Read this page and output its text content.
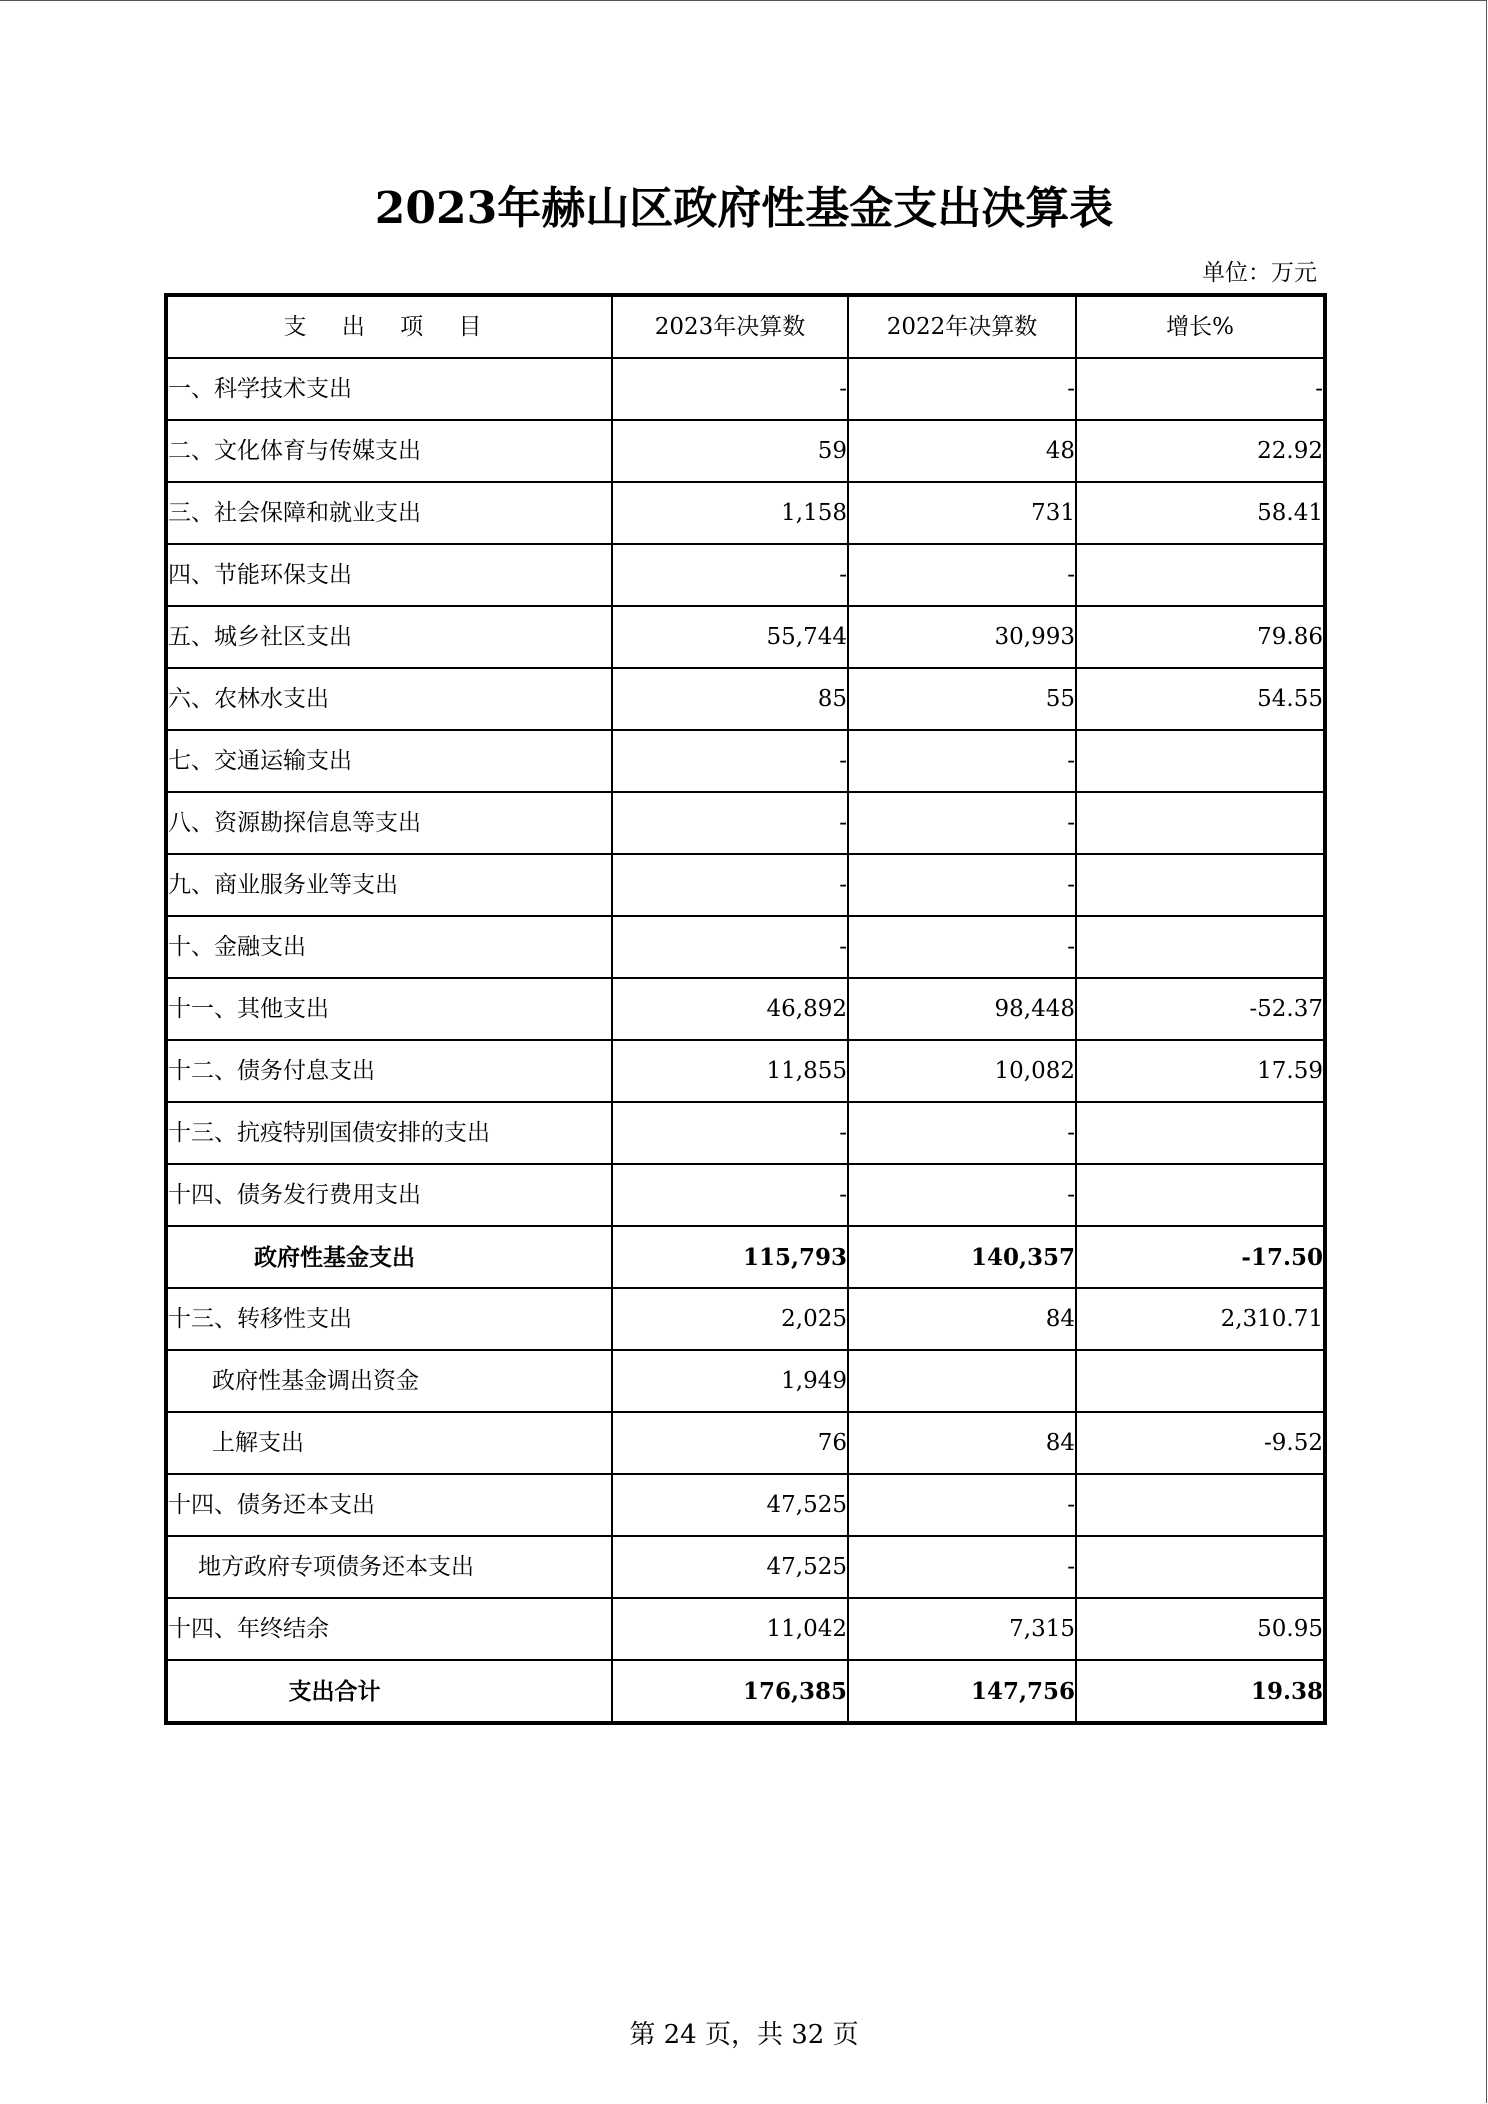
2023年赫山区政府性基金支出决算表
单位：万元
支 出 项 目	2023年决算数	2022年决算数	增长%
一、科学技术支出	-	-	-
二、文化体育与传媒支出	59	48	22.92
三、社会保障和就业支出	1,158	731	58.41
四、节能环保支出	-	-	
五、城乡社区支出	55,744	30,993	79.86
六、农林水支出	85	55	54.55
七、交通运输支出	-	-	
八、资源勘探信息等支出	-	-	
九、商业服务业等支出	-	-	
十、金融支出	-	-	
十一、其他支出	46,892	98,448	-52.37
十二、债务付息支出	11,855	10,082	17.59
十三、抗疫特别国债安排的支出	-	-	
十四、债务发行费用支出	-	-	
政府性基金支出	115,793	140,357	-17.50
十三、转移性支出	2,025	84	2,310.71
政府性基金调出资金	1,949		
上解支出	76	84	-9.52
十四、债务还本支出	47,525	-	
地方政府专项债务还本支出	47,525	-	
十四、年终结余	11,042	7,315	50.95
支出合计	176,385	147,756	19.38
第 24 页，共 32 页
